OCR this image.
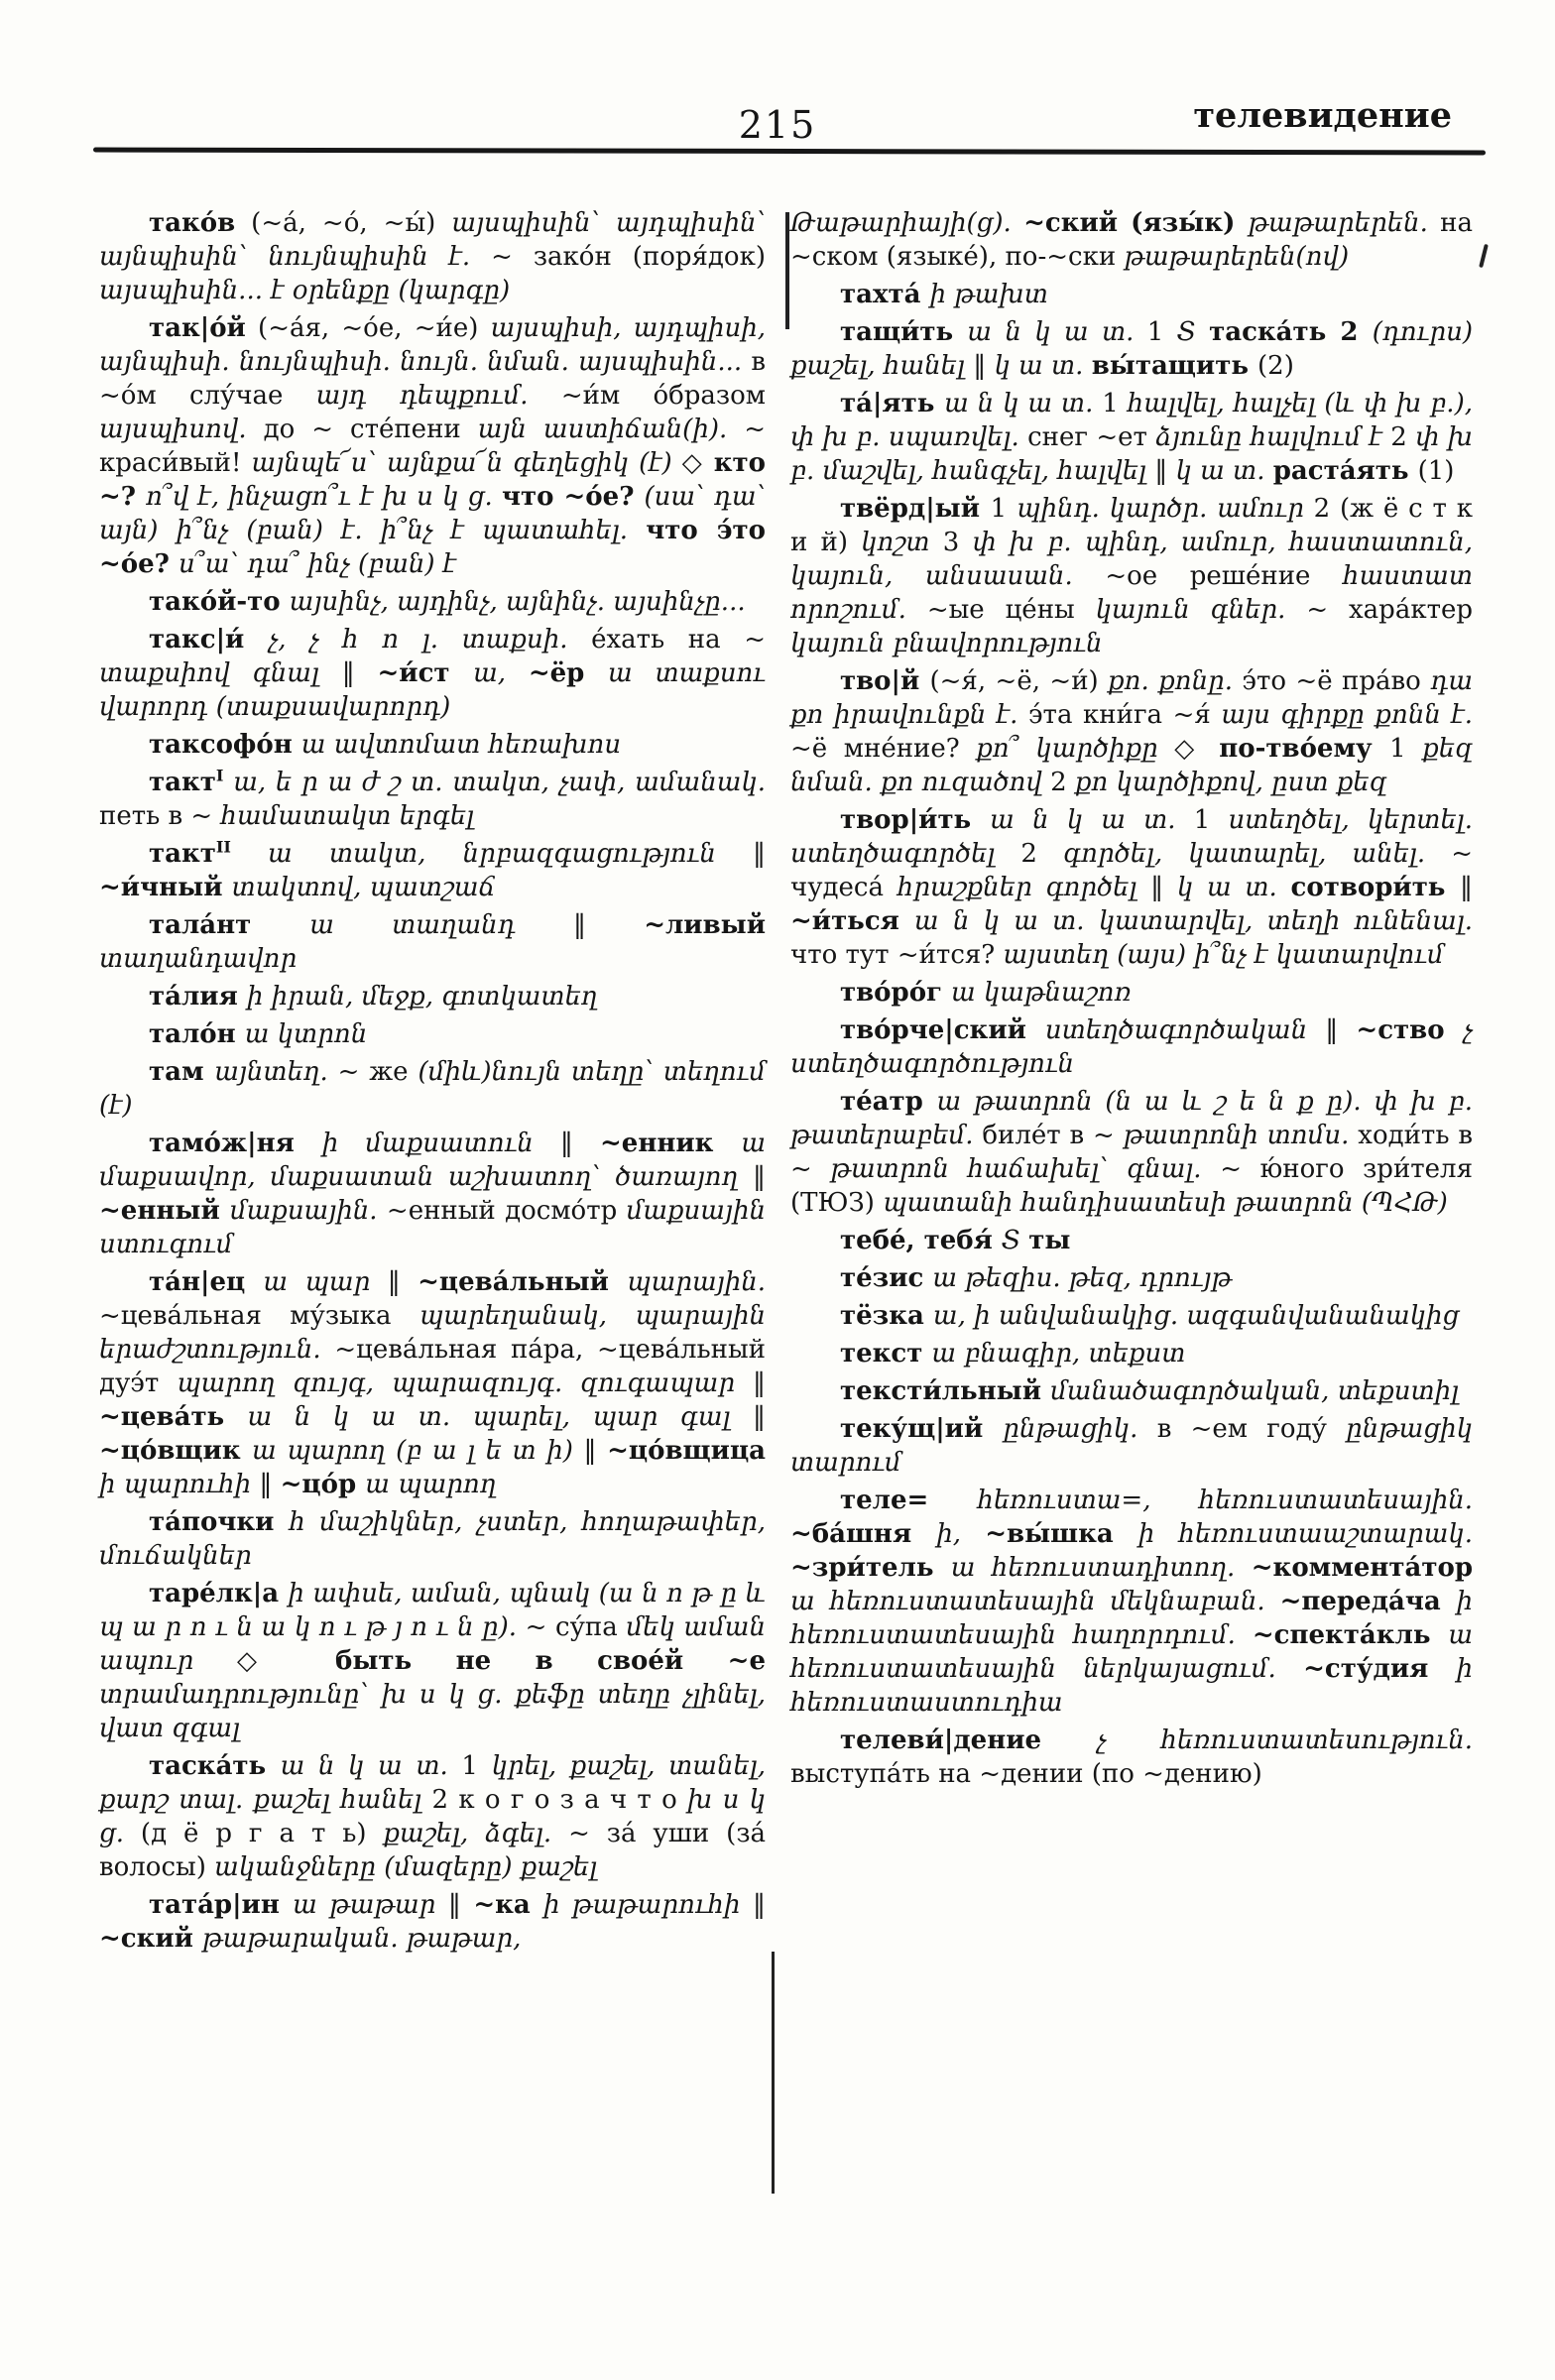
215	телевидение

тако́в (~а́, ~о́, ~ы́) այսպիսին՝ այդպիսին՝ այնպիսին՝ նույնպիսին է. ~ зако́н (поря́док) այսպիսին... է օրենքը (կարգը)

так|о́й (~а́я, ~о́е, ~и́е) այսպիսի, այդպիսի, այնպիսի. նույնպիսի. նույն. նման. այսպիսին... в ~о́м слу́чае այդ դեպքում. ~и́м о́бразом այսպիսով. до ~ сте́пени այն աստիճան(ի). ~ краси́вый! այնպե՜ս՝ այնքա՜ն գեղեցիկ (է) ◇ кто ~? ո՞վ է, ինչացո՞ւ է խ ս կ ց. что ~о́е? (սա՝ դա՝ այն) ի՞նչ (բան) է. ի՞նչ է պատահել. что э́то ~о́е? ս՞ա՝ դա՞ ինչ (բան) է

тако́й-то այսինչ, այդինչ, այնինչ. այսինչը...

такс|и́ չ, չ հ ո լ. տաքսի. е́хать на ~ տաքսիով գնալ ‖ ~и́ст ա, ~ёр ա տաքսու վարորդ (տաքսավարորդ)

таксофо́н ա ավտոմատ հեռախոս

такт$^I$ ա, ե ր ա ժ շ տ. տակտ, չափ, ամանակ. петь в ~ համատակտ երգել

такт$^{II}$ ա տակտ, նրբազգացություն ‖ ~и́чный տակտով, պատշաճ

тала́нт ա տաղանդ ‖ ~ливый տաղանդավոր

та́лия ի իրան, մեջք, գոտկատեղ

тало́н ա կտրոն

там այնտեղ. ~ же (միև)նույն տեղը՝ տեղում (է)

тамо́ж|ня ի մաքսատուն ‖ ~енник ա մաքսավոր, մաքսատան աշխատող՝ ծառայող ‖ ~енный մաքսային. ~енный досмо́тр մաքսային ստուգում

та́н|ец ա պար ‖ ~цева́льный պարային. ~цева́льная му́зыка պարեղանակ, պարային երաժշտություն. ~цева́льная па́ра, ~цева́льный дуэ́т պարող զույգ, պարազույգ. զուգապար ‖ ~цева́ть ա ն կ ա տ. պարել, պար գալ ‖ ~цо́вщик ա պարող (բ ա լ ե տ ի) ‖ ~цо́вщица ի պարուհի ‖ ~цо́р ա պարող

та́почки հ մաշիկներ, չստեր, հողաթափեր, մուճակներ

таре́лк|а ի ափսե, աման, պնակ (ա ն ո թ ը և պ ա ր ո ւ ն ա կ ո ւ թ յ ո ւ ն ը). ~ су́па մեկ աման ապուր ◇ быть не в свое́й ~е տրամադրությունը՝ խ ս կ ց. քեֆը տեղը չլինել, վատ զգալ

таска́ть ա ն կ ա տ. 1 կրել, քաշել, տանել, քարշ տալ. քաշել հանել 2 к о г о з а ч т о խ ս կ ց. (д ё р г а т ь) քաշել, ձգել. ~ за́ уши (за́ волосы) ականջները (մազերը) քաշել

тата́р|ин ա թաթար ‖ ~ка ի թաթարուհի ‖ ~ский թաթարական. թաթար,

Թաթարիայի(ց). ~ский (язы́к) թաթարերեն. на ~ском (языке́), по-~ски թաթարերեն(ով)

тахта́ ի թախտ

тащи́ть ա ն կ ա տ. 1 Տ таска́ть 2 (դուրս) քաշել, հանել ‖ կ ա տ. вы́тащить (2)

та́|ять ա ն կ ա տ. 1 հալվել, հալչել (և փ խ բ.), փ խ բ. սպառվել. снег ~ет ձյունը հալվում է 2 փ խ բ. մաշվել, հանգչել, հալվել ‖ կ ա տ. раста́ять (1)

твёрд|ый 1 պինդ. կարծր. ամուր 2 (ж ё с т к и й) կոշտ 3 փ խ բ. պինդ, ամուր, հաստատուն, կայուն, անսասան. ~ое реше́ние հաստատ որոշում. ~ые це́ны կայուն գներ. ~ хара́ктер կայուն բնավորություն

тво|й (~я́, ~ё, ~и́) քո. քոնը. э́то ~ё пра́во դա քո իրավունքն է. э́та кни́га ~я́ այս գիրքը քոնն է. ~ё мне́ние? քո՞ կարծիքը ◇ по-тво́ему 1 քեզ նման. քո ուզածով 2 քո կարծիքով, ըստ քեզ

твор|и́ть ա ն կ ա տ. 1 ստեղծել, կերտել. ստեղծագործել 2 գործել, կատարել, անել. ~ чудеса́ հրաշքներ գործել ‖ կ ա տ. сотвори́ть ‖ ~и́ться ա ն կ ա տ. կատարվել, տեղի ունենալ. что тут ~и́тся? այստեղ (այս) ի՞նչ է կատարվում

тво́ро́г ա կաթնաշոռ

тво́рче|ский ստեղծագործական ‖ ~ство չ ստեղծագործություն

те́атр ա թատրոն (ն ա և շ ե ն ք ը). փ խ բ. թատերաբեմ. биле́т в ~ թատրոնի տոմս. ходи́ть в ~ թատրոն հաճախել՝ գնալ. ~ ю́ного зри́теля (ТЮЗ) պատանի հանդիսատեսի թատրոն (ՊՀԹ)

тебе́, тебя́ Տ ты

те́зис ա թեզիս. թեզ, դրույթ

тёзка ա, ի անվանակից. ազգանվանանակից

текст ա բնագիր, տեքստ

тексти́льный մանածագործական, տեքստիլ

теку́щ|ий ընթացիկ. в ~ем году́ ընթացիկ տարում

теле= հեռուստա=, հեռուստատեսային. ~ба́шня ի, ~вы́шка ի հեռուստաաշտարակ. ~зри́тель ա հեռուստադիտող. ~коммента́тор ա հեռուստատեսային մեկնաբան. ~переда́ча ի հեռուստատեսային հաղորդում. ~спекта́кль ա հեռուստատեսային ներկայացում. ~сту́дия ի հեռուստաստուդիա

телеви́|дение չ հեռուստատեսություն. выступа́ть на ~дении (по ~дению)
